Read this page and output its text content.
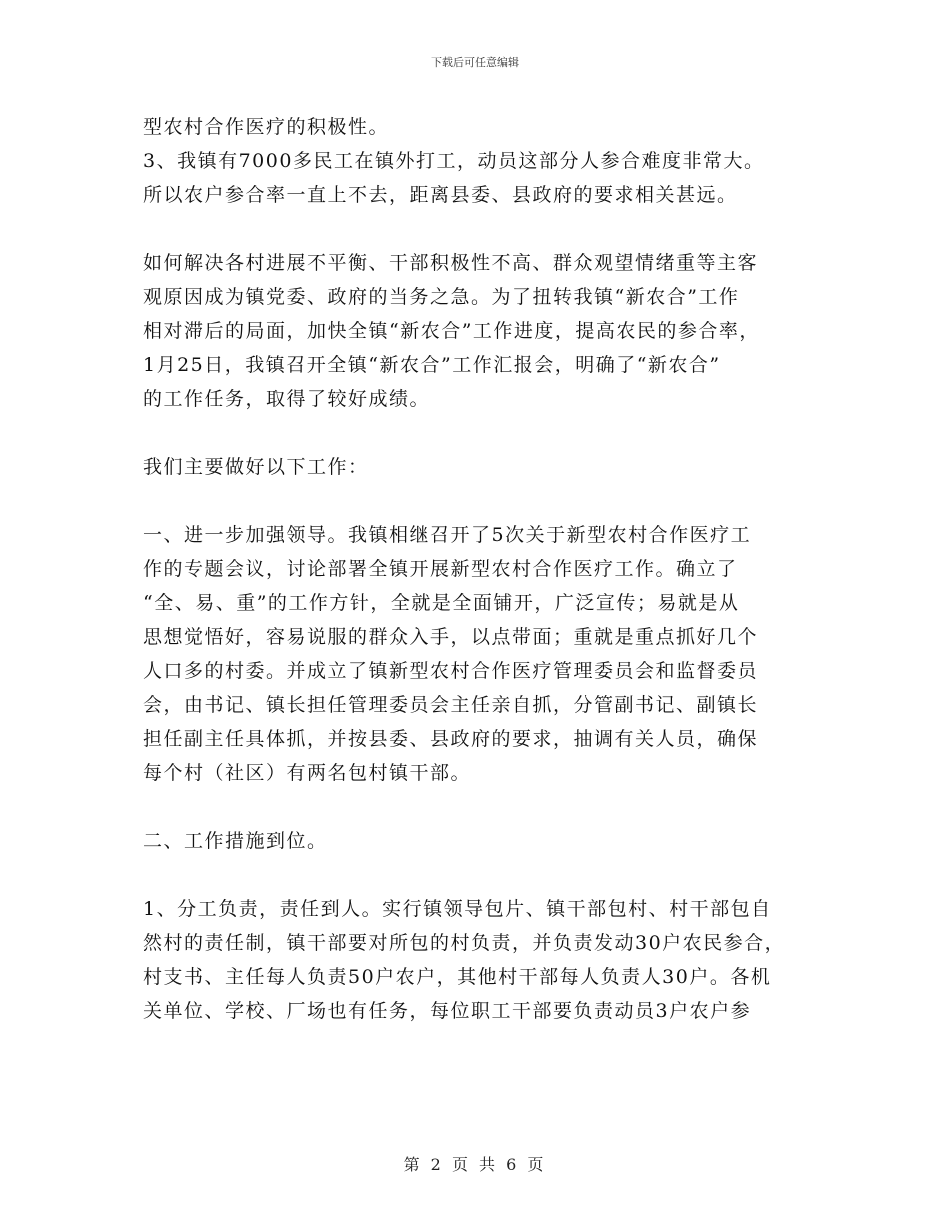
下载后可任意编辑
型农村合作医疗的积极性。
3、我镇有7000多民工在镇外打工，动员这部分人参合难度非常大。
所以农户参合率一直上不去，距离县委、县政府的要求相关甚远。
如何解决各村进展不平衡、干部积极性不高、群众观望情绪重等主客
观原因成为镇党委、政府的当务之急。为了扭转我镇“新农合”工作
相对滞后的局面，加快全镇“新农合”工作进度，提高农民的参合率，
1月25日，我镇召开全镇“新农合”工作汇报会，明确了“新农合”
的工作任务，取得了较好成绩。
我们主要做好以下工作：
一、进一步加强领导。我镇相继召开了5次关于新型农村合作医疗工
作的专题会议，讨论部署全镇开展新型农村合作医疗工作。确立了
“全、易、重”的工作方针，全就是全面铺开，广泛宣传；易就是从
思想觉悟好，容易说服的群众入手，以点带面；重就是重点抓好几个
人口多的村委。并成立了镇新型农村合作医疗管理委员会和监督委员
会，由书记、镇长担任管理委员会主任亲自抓，分管副书记、副镇长
担任副主任具体抓，并按县委、县政府的要求，抽调有关人员，确保
每个村（社区）有两名包村镇干部。
二、工作措施到位。
1、分工负责，责任到人。实行镇领导包片、镇干部包村、村干部包自
然村的责任制，镇干部要对所包的村负责，并负责发动30户农民参合，
村支书、主任每人负责50户农户，其他村干部每人负责人30户。各机
关单位、学校、厂场也有任务，每位职工干部要负责动员3户农户参
第 2 页 共 6 页
